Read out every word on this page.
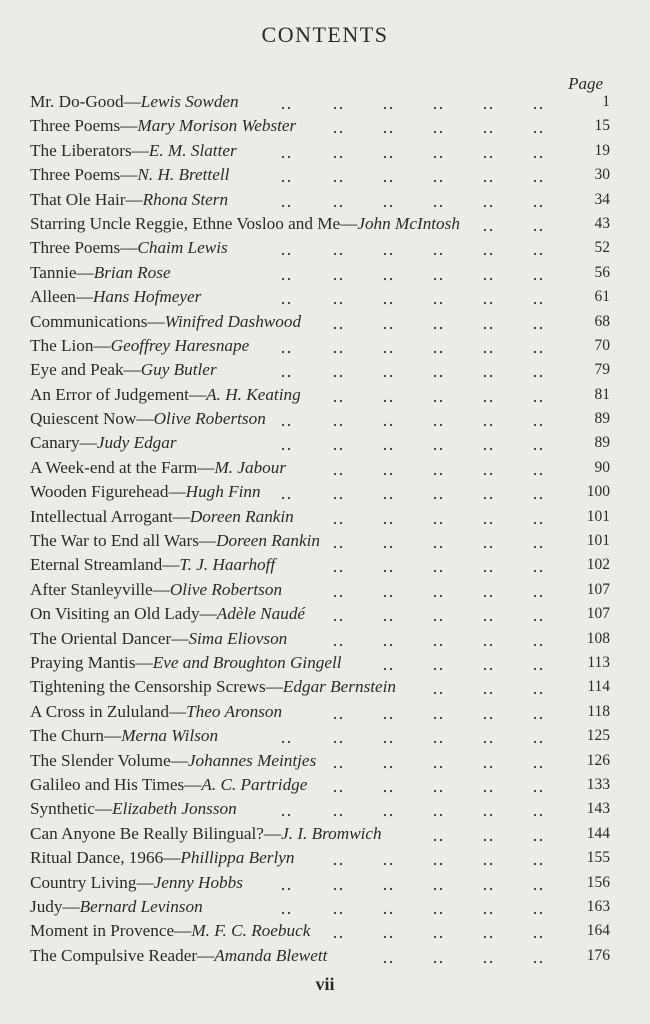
CONTENTS
Page
Mr. Do-Good—Lewis Sowden	1
Three Poems—Mary Morison Webster	15
The Liberators—E. M. Slatter	19
Three Poems—N. H. Brettell	30
That Ole Hair—Rhona Stern	34
Starring Uncle Reggie, Ethne Vosloo and Me—John McIntosh	43
Three Poems—Chaim Lewis	52
Tannie—Brian Rose	56
Alleen—Hans Hofmeyer	61
Communications—Winifred Dashwood	68
The Lion—Geoffrey Haresnape	70
Eye and Peak—Guy Butler	79
An Error of Judgement—A. H. Keating	81
Quiescent Now—Olive Robertson	89
Canary—Judy Edgar	89
A Week-end at the Farm—M. Jabour	90
Wooden Figurehead—Hugh Finn	100
Intellectual Arrogant—Doreen Rankin	101
The War to End all Wars—Doreen Rankin	101
Eternal Streamland—T. J. Haarhoff	102
After Stanleyville—Olive Robertson	107
On Visiting an Old Lady—Adèle Naudé	107
The Oriental Dancer—Sima Eliovson	108
Praying Mantis—Eve and Broughton Gingell	113
Tightening the Censorship Screws—Edgar Bernstein	114
A Cross in Zululand—Theo Aronson	118
The Churn—Merna Wilson	125
The Slender Volume—Johannes Meintjes	126
Galileo and His Times—A. C. Partridge	133
Synthetic—Elizabeth Jonsson	143
Can Anyone Be Really Bilingual?—J. I. Bromwich	144
Ritual Dance, 1966—Phillippa Berlyn	155
Country Living—Jenny Hobbs	156
Judy—Bernard Levinson	163
Moment in Provence—M. F. C. Roebuck	164
The Compulsive Reader—Amanda Blewett	176
vii
